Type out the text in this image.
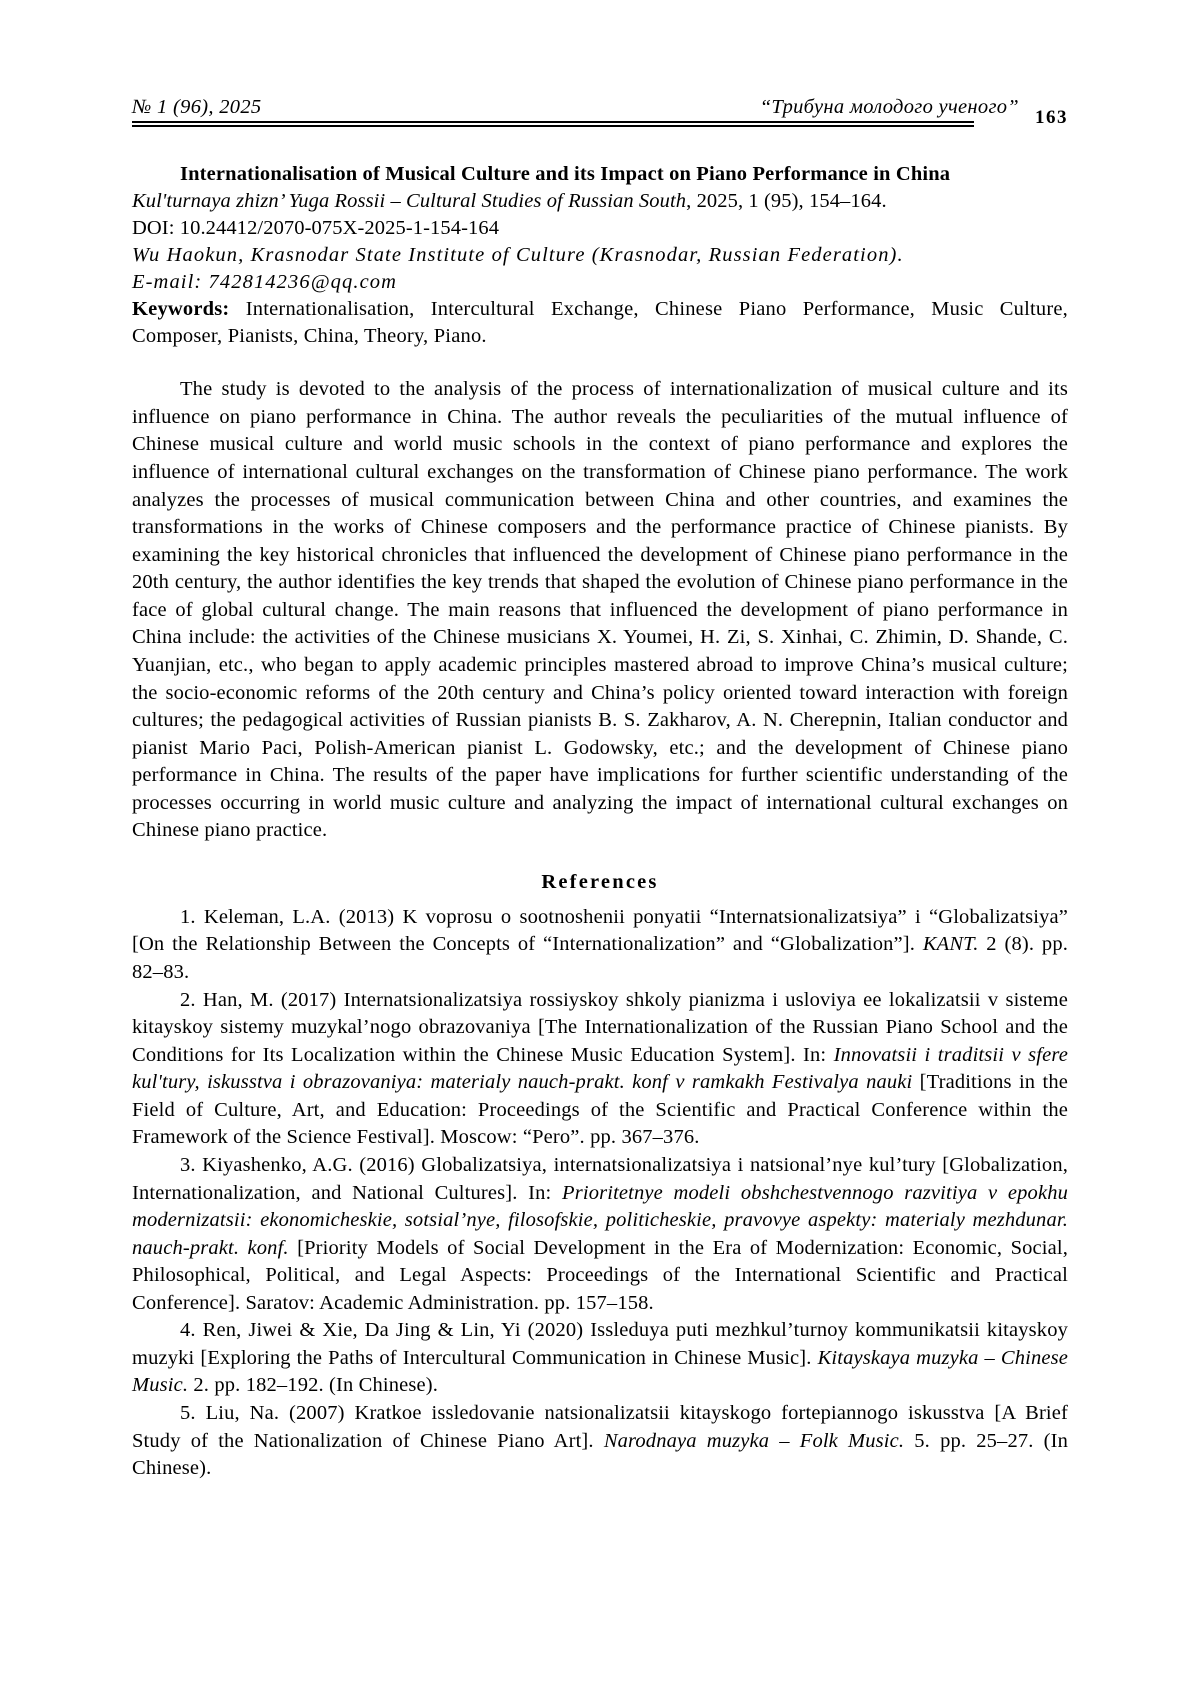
№ 1 (96), 2025	“Трибуна молодого ученого” 163
Internationalisation of Musical Culture and its Impact on Piano Performance in China
Kul'turnaya zhizn’ Yuga Rossii – Cultural Studies of Russian South, 2025, 1 (95), 154–164.
DOI: 10.24412/2070-075X-2025-1-154-164
Wu Haokun, Krasnodar State Institute of Culture (Krasnodar, Russian Federation).
E-mail: 742814236@qq.com
Keywords: Internationalisation, Intercultural Exchange, Chinese Piano Performance, Music Culture, Composer, Pianists, China, Theory, Piano.
The study is devoted to the analysis of the process of internationalization of musical culture and its influence on piano performance in China. The author reveals the peculiarities of the mutual influence of Chinese musical culture and world music schools in the context of piano performance and explores the influence of international cultural exchanges on the transformation of Chinese piano performance. The work analyzes the processes of musical communication between China and other countries, and examines the transformations in the works of Chinese composers and the performance practice of Chinese pianists. By examining the key historical chronicles that influenced the development of Chinese piano performance in the 20th century, the author identifies the key trends that shaped the evolution of Chinese piano performance in the face of global cultural change. The main reasons that influenced the development of piano performance in China include: the activities of the Chinese musicians X. Youmei, H. Zi, S. Xinhai, C. Zhimin, D. Shande, C. Yuanjian, etc., who began to apply academic principles mastered abroad to improve China’s musical culture; the socio-economic reforms of the 20th century and China’s policy oriented toward interaction with foreign cultures; the pedagogical activities of Russian pianists B. S. Zakharov, A. N. Cherepnin, Italian conductor and pianist Mario Paci, Polish-American pianist L. Godowsky, etc.; and the development of Chinese piano performance in China. The results of the paper have implications for further scientific understanding of the processes occurring in world music culture and analyzing the impact of international cultural exchanges on Chinese piano practice.
References

1. Keleman, L.A. (2013) K voprosu o sootnoshenii ponyatii “Internatsionalizatsiya” i “Globalizatsiya” [On the Relationship Between the Concepts of “Internationalization” and “Globalization”]. KANT. 2 (8). pp. 82–83.

2. Han, M. (2017) Internatsionalizatsiya rossiyskoy shkoly pianizma i usloviya ee lokalizatsii v sisteme kitayskoy sistemy muzykal’nogo obrazovaniya [The Internationalization of the Russian Piano School and the Conditions for Its Localization within the Chinese Music Education System]. In: Innovatsii i traditsii v sfere kul'tury, iskusstva i obrazovaniya: materialy nauch-prakt. konf v ramkakh Festivalya nauki [Traditions in the Field of Culture, Art, and Education: Proceedings of the Scientific and Practical Conference within the Framework of the Science Festival]. Moscow: “Pero”. pp. 367–376.

3. Kiyashenko, A.G. (2016) Globalizatsiya, internatsionalizatsiya i natsional’nye kul’tury [Globalization, Internationalization, and National Cultures]. In: Prioritetnye modeli obshchestvennogo razvitiya v epokhu modernizatsii: ekonomicheskie, sotsial’nye, filosofskie, politicheskie, pravovye aspekty: materialy mezhdunar. nauch-prakt. konf. [Priority Models of Social Development in the Era of Modernization: Economic, Social, Philosophical, Political, and Legal Aspects: Proceedings of the International Scientific and Practical Conference]. Saratov: Academic Administration. pp. 157–158.

4. Ren, Jiwei & Xie, Da Jing & Lin, Yi (2020) Issleduya puti mezhkul’turnoy kommunikatsii kitayskoy muzyki [Exploring the Paths of Intercultural Communication in Chinese Music]. Kitayskaya muzyka – Chinese Music. 2. pp. 182–192. (In Chinese).

5. Liu, Na. (2007) Kratkoe issledovanie natsionalizatsii kitayskogo fortepiannogo iskusstva [A Brief Study of the Nationalization of Chinese Piano Art]. Narodnaya muzyka – Folk Music. 5. pp. 25–27. (In Chinese).
